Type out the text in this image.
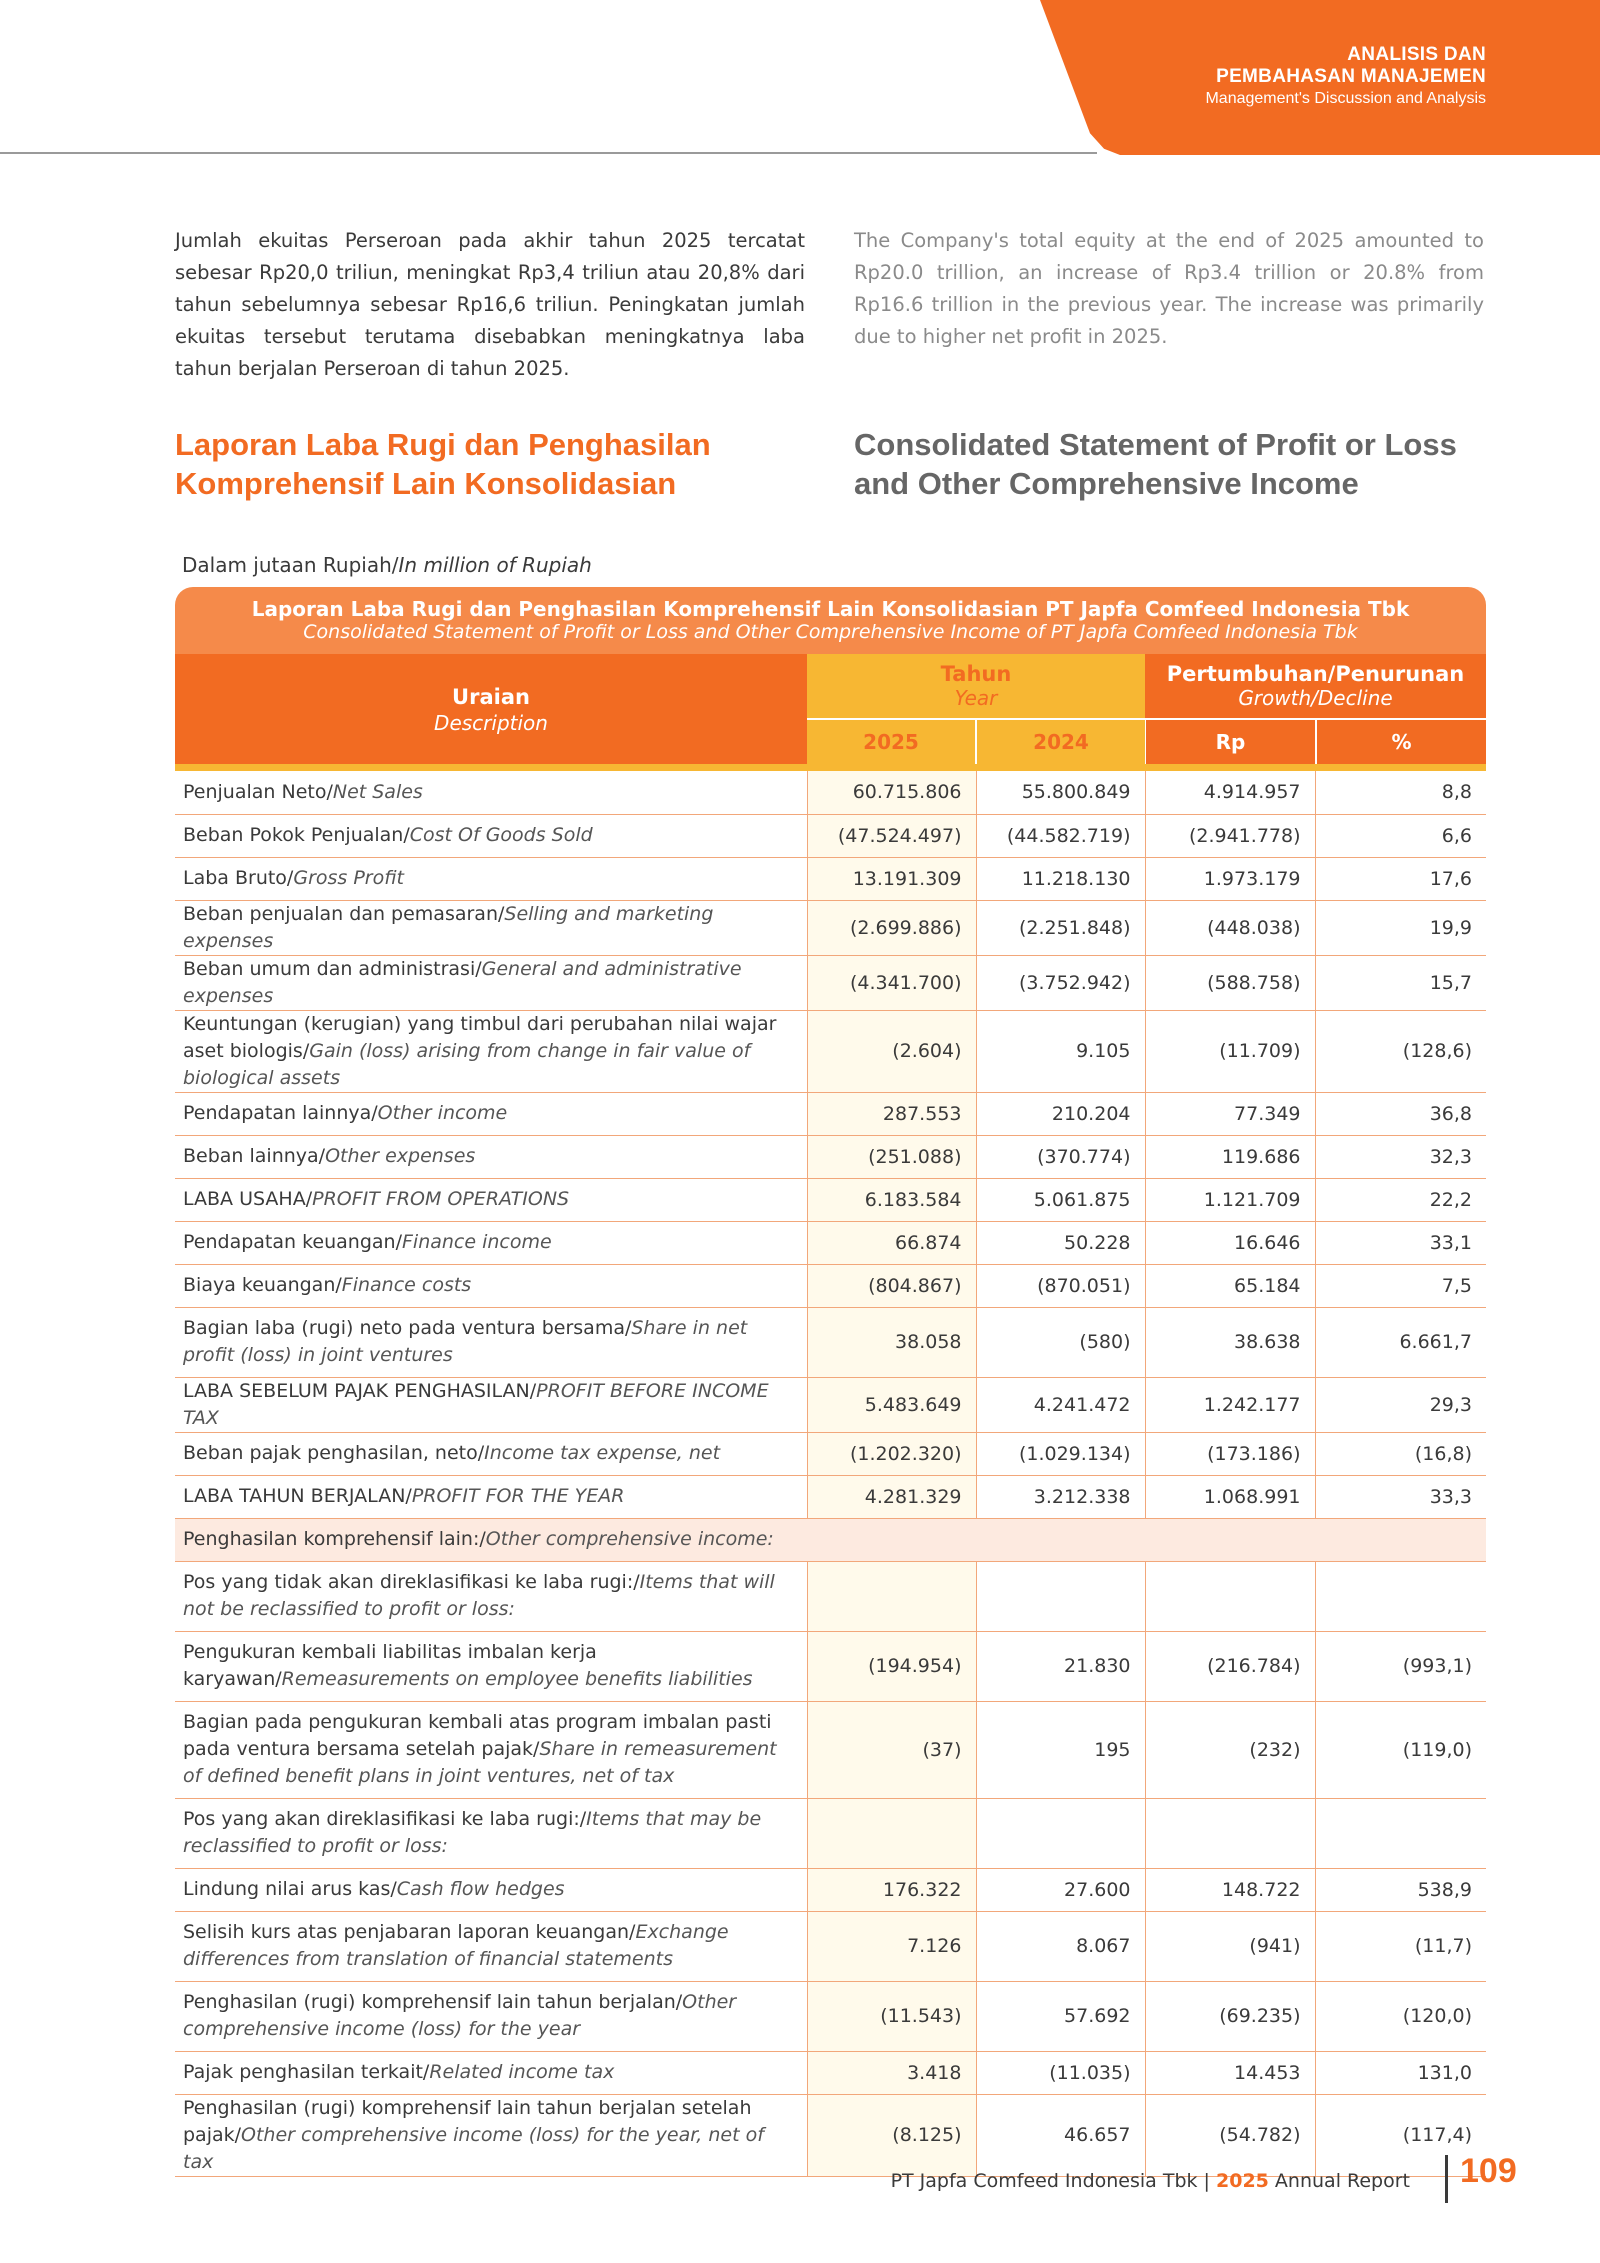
ANALISIS DAN
PEMBAHASAN MANAJEMEN
Management's Discussion and Analysis
Jumlah ekuitas Perseroan pada akhir tahun 2025 tercatat sebesar Rp20,0 triliun, meningkat Rp3,4 triliun atau 20,8% dari tahun sebelumnya sebesar Rp16,6 triliun. Peningkatan jumlah ekuitas tersebut terutama disebabkan meningkatnya laba tahun berjalan Perseroan di tahun 2025.
The Company's total equity at the end of 2025 amounted to Rp20.0 trillion, an increase of Rp3.4 trillion or 20.8% from Rp16.6 trillion in the previous year. The increase was primarily due to higher net profit in 2025.
Laporan Laba Rugi dan Penghasilan Komprehensif Lain Konsolidasian
Consolidated Statement of Profit or Loss and Other Comprehensive Income
Dalam jutaan Rupiah/In million of Rupiah
Laporan Laba Rugi dan Penghasilan Komprehensif Lain Konsolidasian PT Japfa Comfeed Indonesia Tbk
Consolidated Statement of Profit or Loss and Other Comprehensive Income of PT Japfa Comfeed Indonesia Tbk
Uraian
Description
Tahun
Year
Pertumbuhan/Penurunan
Growth/Decline
2025	2024	Rp	%
Penjualan Neto/Net Sales	60.715.806	55.800.849	4.914.957	8,8
Beban Pokok Penjualan/Cost Of Goods Sold	(47.524.497)	(44.582.719)	(2.941.778)	6,6
Laba Bruto/Gross Profit	13.191.309	11.218.130	1.973.179	17,6
Beban penjualan dan pemasaran/Selling and marketing expenses	(2.699.886)	(2.251.848)	(448.038)	19,9
Beban umum dan administrasi/General and administrative expenses	(4.341.700)	(3.752.942)	(588.758)	15,7
Keuntungan (kerugian) yang timbul dari perubahan nilai wajar aset biologis/Gain (loss) arising from change in fair value of biological assets	(2.604)	9.105	(11.709)	(128,6)
Pendapatan lainnya/Other income	287.553	210.204	77.349	36,8
Beban lainnya/Other expenses	(251.088)	(370.774)	119.686	32,3
LABA USAHA/PROFIT FROM OPERATIONS	6.183.584	5.061.875	1.121.709	22,2
Pendapatan keuangan/Finance income	66.874	50.228	16.646	33,1
Biaya keuangan/Finance costs	(804.867)	(870.051)	65.184	7,5
Bagian laba (rugi) neto pada ventura bersama/Share in net profit (loss) in joint ventures	38.058	(580)	38.638	6.661,7
LABA SEBELUM PAJAK PENGHASILAN/PROFIT BEFORE INCOME TAX	5.483.649	4.241.472	1.242.177	29,3
Beban pajak penghasilan, neto/Income tax expense, net	(1.202.320)	(1.029.134)	(173.186)	(16,8)
LABA TAHUN BERJALAN/PROFIT FOR THE YEAR	4.281.329	3.212.338	1.068.991	33,3
Penghasilan komprehensif lain:/Other comprehensive income:				
Pos yang tidak akan direklasifikasi ke laba rugi:/Items that will not be reclassified to profit or loss:				
Pengukuran kembali liabilitas imbalan kerja karyawan/Remeasurements on employee benefits liabilities	(194.954)	21.830	(216.784)	(993,1)
Bagian pada pengukuran kembali atas program imbalan pasti pada ventura bersama setelah pajak/Share in remeasurement of defined benefit plans in joint ventures, net of tax	(37)	195	(232)	(119,0)
Pos yang akan direklasifikasi ke laba rugi:/Items that may be reclassified to profit or loss:				
Lindung nilai arus kas/Cash flow hedges	176.322	27.600	148.722	538,9
Selisih kurs atas penjabaran laporan keuangan/Exchange differences from translation of financial statements	7.126	8.067	(941)	(11,7)
Penghasilan (rugi) komprehensif lain tahun berjalan/Other comprehensive income (loss) for the year	(11.543)	57.692	(69.235)	(120,0)
Pajak penghasilan terkait/Related income tax	3.418	(11.035)	14.453	131,0
Penghasilan (rugi) komprehensif lain tahun berjalan setelah pajak/Other comprehensive income (loss) for the year, net of tax	(8.125)	46.657	(54.782)	(117,4)
PT Japfa Comfeed Indonesia Tbk | 2025 Annual Report 109
